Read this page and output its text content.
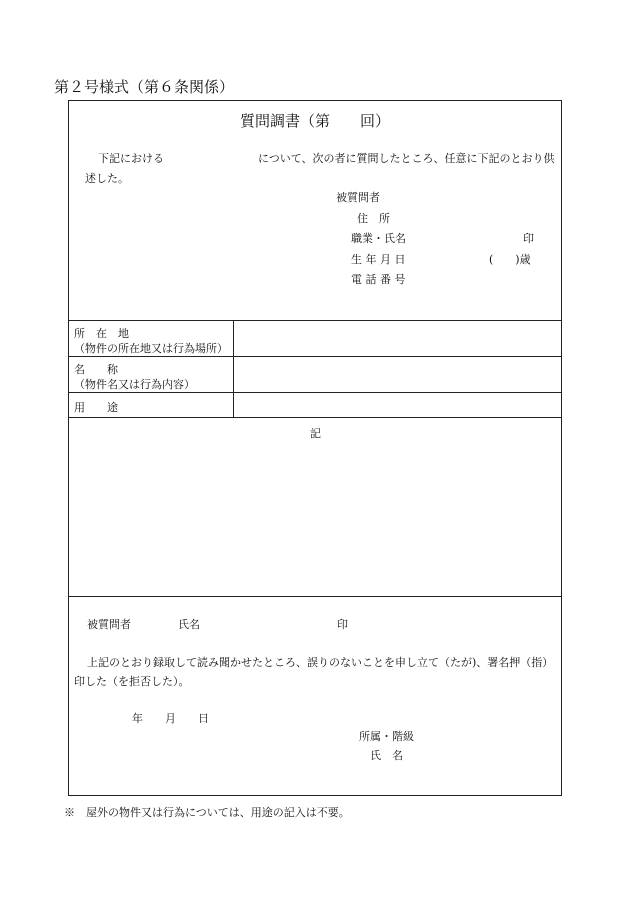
第２号様式（第６条関係）
質問調書（第　　回）
下記における	について、次の者に質問したところ、任意に下記のとおり供
述した。
被質問者
住　所
職業・氏名	印
生 年 月 日	(　　)歳
電 話 番 号
所　在　地
（物件の所在地又は行為場所）
名　　称
（物件名又は行為内容）
用　　途
記
被質問者	氏名	印
上記のとおり録取して読み聞かせたところ、誤りのないことを申し立て（たが)、署名押（指）
印した（を拒否した）。
年　　月　　日
所属・階級
氏　名
※　屋外の物件又は行為については、用途の記入は不要。
